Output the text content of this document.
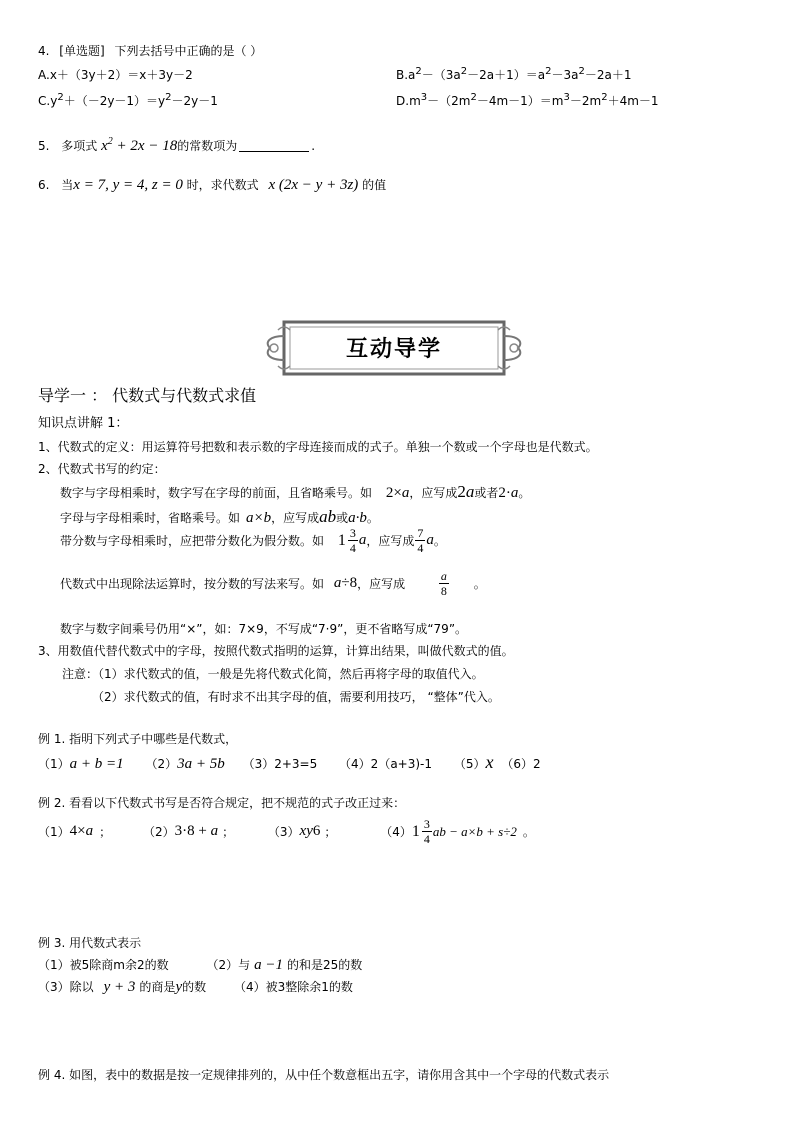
4. [单选题] 下列去括号中正确的是（ ）
A.x＋（3y＋2）＝x＋3y－2	$B.a^2-(3a^2-2a+1)=a^2-3a^2-2a+1$
$C.y^2+(-2y-1)=y^2-2y-1$	$D.m^3-(2m^2-4m-1)=m^3-2m^2+4m-1$
5. 多项式 $x^2 + 2x - 18$的常数项为	.
6. 当x = 7, y = 4, z = 0 时，求代数式 x (2x − y + 3z) 的值
互动导学
导学一 ： 代数式与代数式求值
知识点讲解 1：
1、代数式的定义：用运算符号把数和表示数的字母连接而成的式子。单独一个数或一个字母也是代数式。
2、代数式书写的约定：
数字与字母相乘时，数字写在字母的前面，且省略乘号。如 2×a，应写成2a或者2·a。
字母与字母相乘时，省略乘号。如 a×b，应写成ab或a·b。
带分数与字母相乘时，应把带分数化为假分数。如 $1 \frac{3}{4}$ a ，应写成 $\frac{7}{4}$ a。
代数式中出现除法运算时，按分数的写法来写。如 a÷8，应写成	$\frac{a}{8}$ 。
数字与数字间乘号仍用“×”，如：7×9，不写成“7·9”，更不省略写成“79”。
3、用数值代替代数式中的字母，按照代数式指明的运算，计算出结果，叫做代数式的值。
注意：（1）求代数式的值，一般是先将代数式化简，然后再将字母的取值代入。
（2）求代数式的值，有时求不出其字母的值，需要利用技巧， “整体”代入。
例 1. 指明下列式子中哪些是代数式，
（1）a + b =1 （2）3a + 5b （3）2+3=5 （4）2（a+3)-1 （5）x （6）2
例 2. 看看以下代数式书写是否符合规定，把不规范的式子改正过来：
（1）4×a ；	（2）3·8 + a ；	（3）xy6 ；	（4） $1 \frac{3}{4}$ ab − a×b + s÷2 。
例 3. 用代数式表示
（1）被5除商m余2的数	（2）与 a −1 的和是25的数
（3）除以 y + 3 的商是y的数 （4）被3整除余1的数
例 4. 如图，表中的数据是按一定规律排列的，从中任个数意框出五字，请你用含其中一个字母的代数式表示
